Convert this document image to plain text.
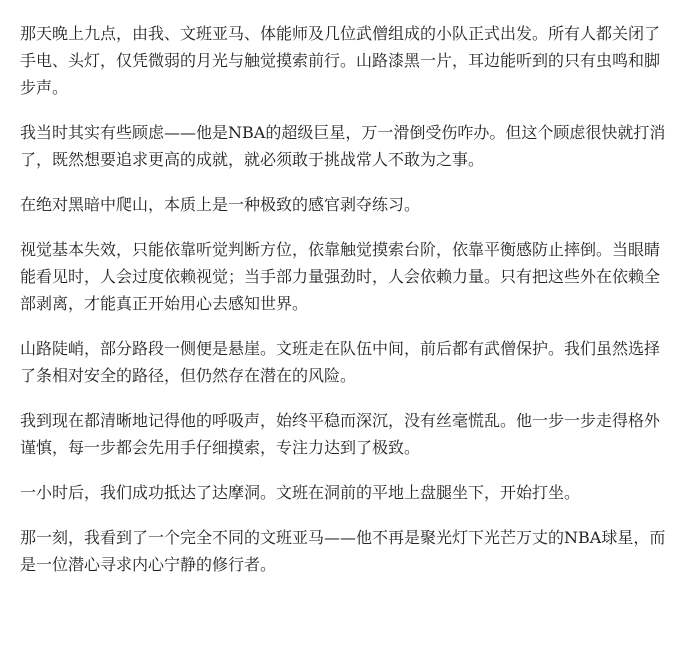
那天晚上九点，由我、文班亚马、体能师及几位武僧组成的小队正式出发。所有人都关闭了手电、头灯，仅凭微弱的月光与触觉摸索前行。山路漆黑一片，耳边能听到的只有虫鸣和脚步声。

我当时其实有些顾虑——他是NBA的超级巨星，万一滑倒受伤咋办。但这个顾虑很快就打消了，既然想要追求更高的成就，就必须敢于挑战常人不敢为之事。

在绝对黑暗中爬山，本质上是一种极致的感官剥夺练习。

视觉基本失效，只能依靠听觉判断方位，依靠触觉摸索台阶，依靠平衡感防止摔倒。当眼睛能看见时，人会过度依赖视觉；当手部力量强劲时，人会依赖力量。只有把这些外在依赖全部剥离，才能真正开始用心去感知世界。

山路陡峭，部分路段一侧便是悬崖。文班走在队伍中间，前后都有武僧保护。我们虽然选择了条相对安全的路径，但仍然存在潜在的风险。

我到现在都清晰地记得他的呼吸声，始终平稳而深沉，没有丝毫慌乱。他一步一步走得格外谨慎，每一步都会先用手仔细摸索，专注力达到了极致。

一小时后，我们成功抵达了达摩洞。文班在洞前的平地上盘腿坐下，开始打坐。

那一刻，我看到了一个完全不同的文班亚马——他不再是聚光灯下光芒万丈的NBA球星，而是一位潜心寻求内心宁静的修行者。
